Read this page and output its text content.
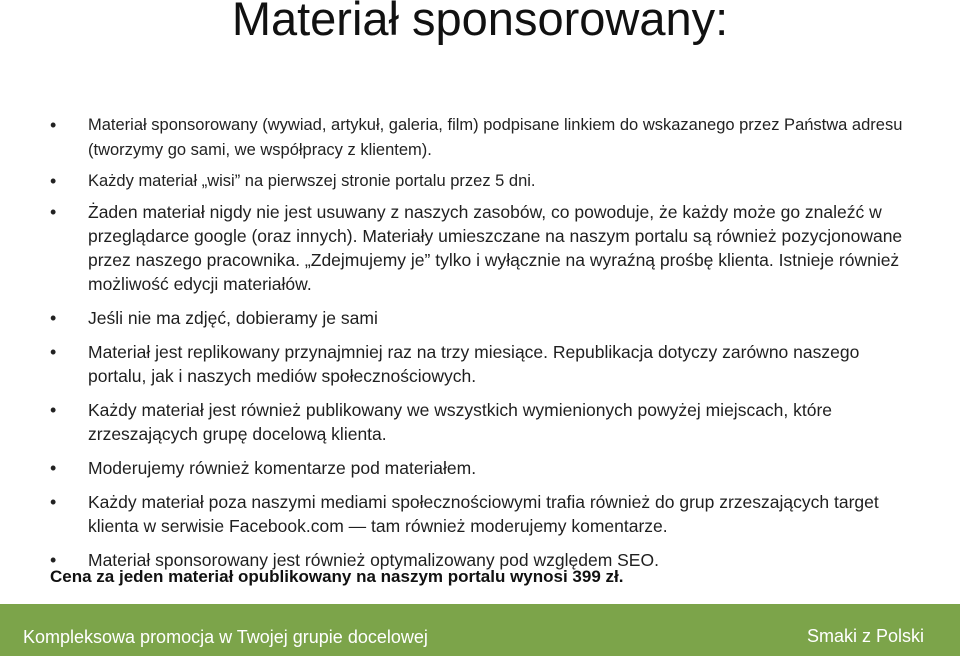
Materiał sponsorowany:
• Materiał sponsorowany (wywiad, artykuł, galeria, film) podpisane linkiem do wskazanego przez Państwa adresu (tworzymy go sami, we współpracy z klientem).
• Każdy materiał „wisi” na pierwszej stronie portalu przez 5 dni.
• Żaden materiał nigdy nie jest usuwany z naszych zasobów, co powoduje, że każdy może go znaleźć w przeglądarce google (oraz innych). Materiały umieszczane na naszym portalu są również pozycjonowane przez naszego pracownika. „Zdejmujemy je” tylko i wyłącznie na wyraźną prośbę klienta. Istnieje również możliwość edycji materiałów.
• Jeśli nie ma zdjęć, dobieramy je sami
• Materiał jest replikowany przynajmniej raz na trzy miesiące. Republikacja dotyczy zarówno naszego portalu, jak i naszych mediów społecznościowych.
• Każdy materiał jest również publikowany we wszystkich wymienionych powyżej miejscach, które zrzeszających grupę docelową klienta.
• Moderujemy również komentarze pod materiałem.
• Każdy materiał poza naszymi mediami społecznościowymi trafia również do grup zrzeszających target klienta w serwisie Facebook.com — tam również moderujemy komentarze.
• Materiał sponsorowany jest również optymalizowany pod względem SEO.
Cena za jeden materiał opublikowany na naszym portalu wynosi 399 zł.
Kompleksowa promocja w Twojej grupie docelowej	Smaki z Polski
